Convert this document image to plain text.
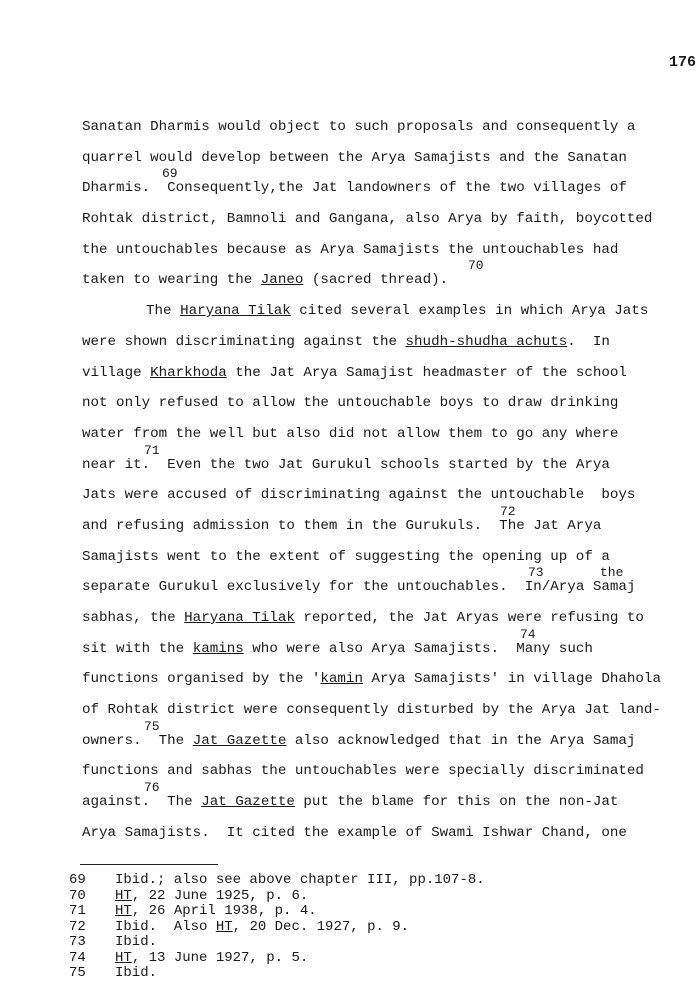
176
Sanatan Dharmis would object to such proposals and consequently a
quarrel would develop between the Arya Samajists and the Sanatan
Dharmis.  Consequently,the Jat landowners of the two villages of
69
Rohtak district, Bamnoli and Gangana, also Arya by faith, boycotted
the untouchables because as Arya Samajists the untouchables had
taken to wearing the Janeo (sacred thread).
70
The Haryana Tilak cited several examples in which Arya Jats
were shown discriminating against the shudh-shudha achuts.  In
village Kharkhoda the Jat Arya Samajist headmaster of the school
not only refused to allow the untouchable boys to draw drinking
water from the well but also did not allow them to go any where
near it.  Even the two Jat Gurukul schools started by the Arya
71
Jats were accused of discriminating against the untouchable  boys
and refusing admission to them in the Gurukuls.  The Jat Arya
72
Samajists went to the extent of suggesting the opening up of a
separate Gurukul exclusively for the untouchables.  In/Arya Samaj
73	the
sabhas, the Haryana Tilak reported, the Jat Aryas were refusing to
sit with the kamins who were also Arya Samajists.  Many such
74
functions organised by the 'kamin Arya Samajists' in village Dhahola
of Rohtak district were consequently disturbed by the Arya Jat land-
owners.  The Jat Gazette also acknowledged that in the Arya Samaj
75
functions and sabhas the untouchables were specially discriminated
against.  The Jat Gazette put the blame for this on the non-Jat
76
Arya Samajists.  It cited the example of Swami Ishwar Chand, one
69	Ibid.; also see above chapter III, pp.107-8.
70	HT, 22 June 1925, p. 6.
71	HT, 26 April 1938, p. 4.
72	Ibid.  Also HT, 20 Dec. 1927, p. 9.
73	Ibid.
74	HT, 13 June 1927, p. 5.
75	Ibid.
